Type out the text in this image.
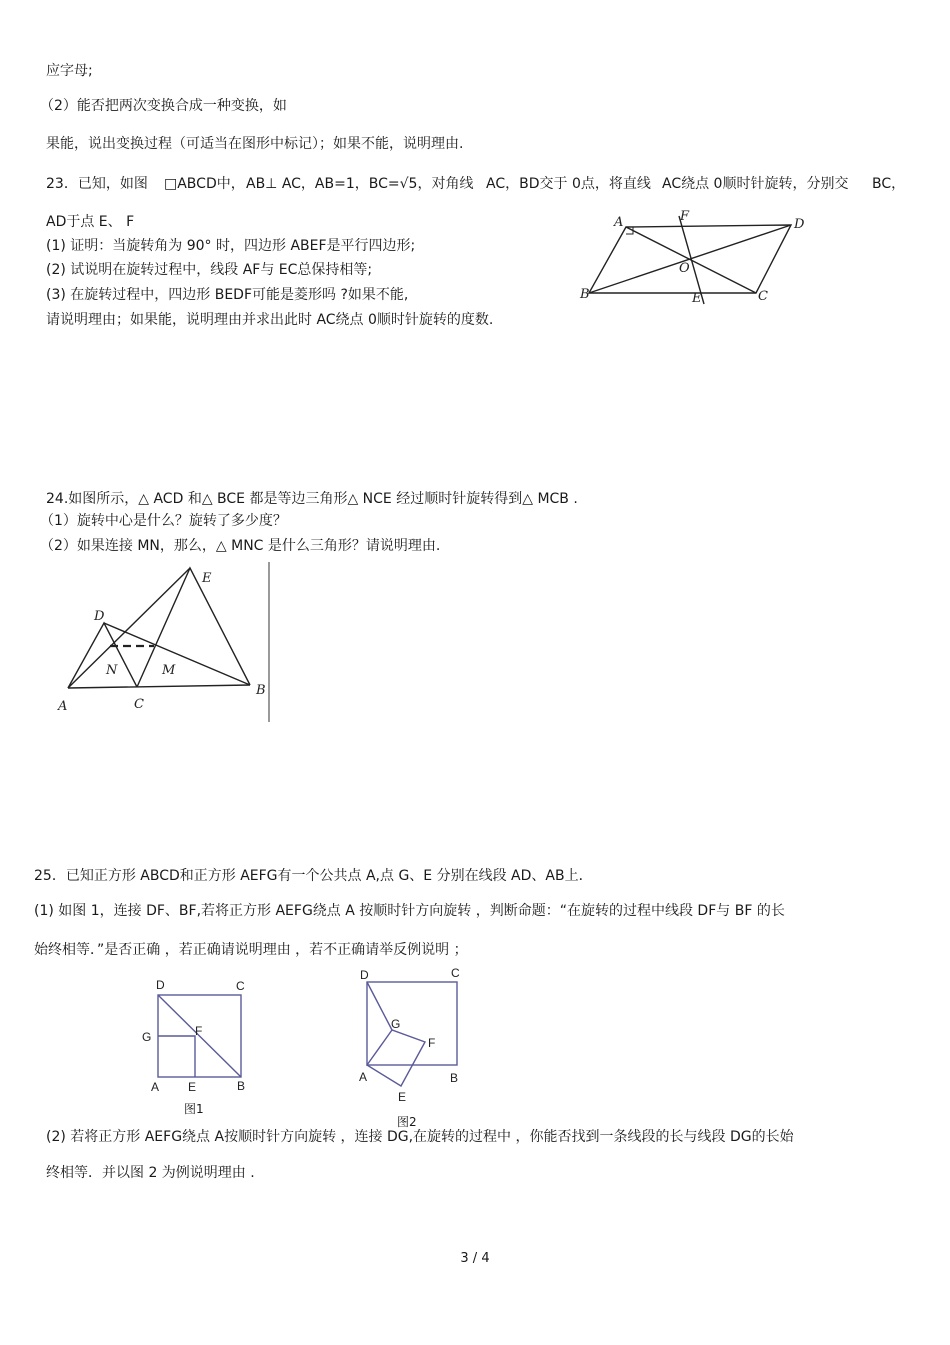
应字母;
（2）能否把两次变换合成一种变换，如
果能，说出变换过程（可适当在图形中标记）；如果不能，说明理由.
23．已知，如图 □ABCD中， AB⊥ AC，AB=1，BC=√5，对角线 AC，BD交于 0点，将直线 AC绕点 0顺时针旋转，分别交 BC，
AD于点 E、 F
(1) 证明：当旋转角为 90° 时，四边形 ABEF是平行四边形;
(2) 试说明在旋转过程中，线段 AF与 EC总保持相等;
(3) 在旋转过程中，四边形 BEDF可能是菱形吗 ?如果不能,
请说明理由；如果能，说明理由并求出此时 AC绕点 0顺时针旋转的度数.
A	F
D
O
B	E	C
24.如图所示，△ ACD 和△ BCE 都是等边三角形△ NCE 经过顺时针旋转得到△ MCB .
（1）旋转中心是什么？旋转了多少度？
（2）如果连接 MN，那么，△ MNC 是什么三角形？请说明理由.
E
D
N	M
A	C
B
25．已知正方形 ABCD和正方形 AEFG有一个公共点 A,点 G、E 分别在线段 AD、AB上．
(1) 如图 1，连接 DF、BF,若将正方形 AEFG绕点 A 按顺时针方向旋转 ，判断命题：“在旋转的过程中线段 DF与 BF 的长
始终相等．”是否正确 ，若正确请说明理由 ，若不正确请举反例说明 ；
D	C
G	F
A E	B
图1
D	C
G
F
A
E
B
图2
(2) 若将正方形 AEFG绕点 A按顺时针方向旋转 ，连接 DG,在旋转的过程中 ，你能否找到一条线段的长与线段 DG的长始
终相等．并以图 2 为例说明理由 .
3 / 4
